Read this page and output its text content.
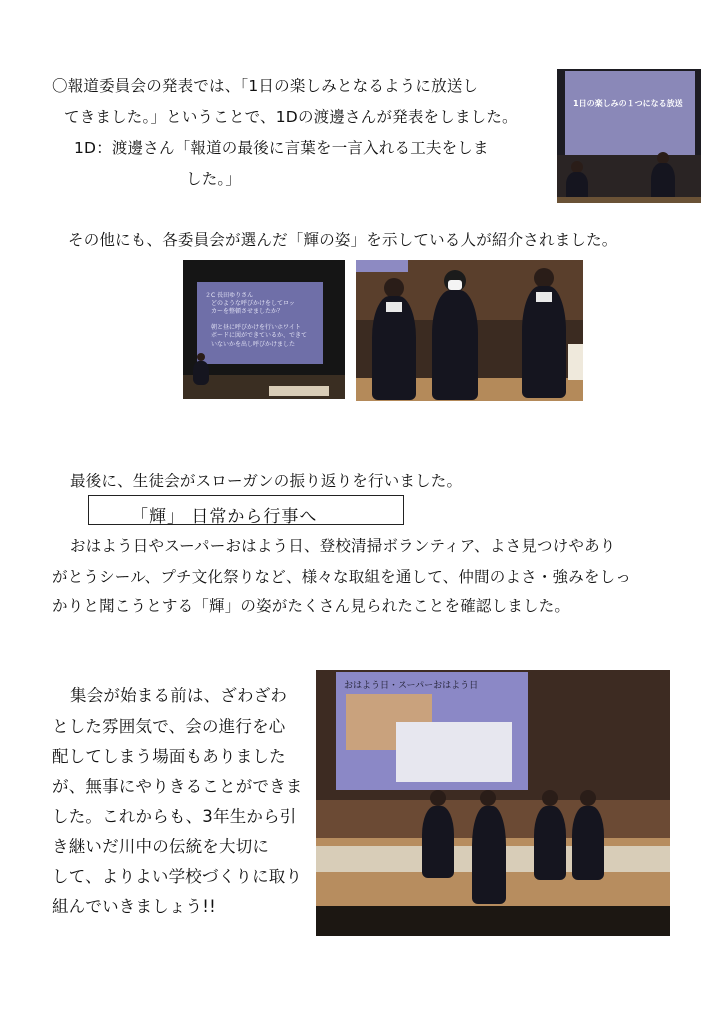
〇報道委員会の発表では、「1日の楽しみとなるように放送し
てきました。」ということで、1Dの渡邊さんが発表をしました。
1D：渡邊さん「報道の最後に言葉を一言入れる工夫をしま
した。」
1日の楽しみの１つになる放送
その他にも、各委員会が選んだ「輝の姿」を示している人が紹介されました。
２C 長田ゆりさん
　どのような呼びかけをしてロッ
　カーを整頓させましたか？

　朝と昼に呼びかけを行いホワイト
　ボードに図ができているか、できて
　いないかを出し呼びかけました
最後に、生徒会がスローガンの振り返りを行いました。
「輝」 日常から行事へ
おはよう日やスーパーおはよう日、登校清掃ボランティア、よさ見つけやあり
がとうシール、プチ文化祭りなど、様々な取組を通して、仲間のよさ・強みをしっ
かりと聞こうとする「輝」の姿がたくさん見られたことを確認しました。
集会が始まる前は、ざわざわ
とした雰囲気で、会の進行を心
配してしまう場面もありました
が、無事にやりきることができま
した。これからも、3年生から引
き継いだ川中の伝統を大切に
して、よりよい学校づくりに取り
組んでいきましょう!!
おはよう日・スーパーおはよう日
